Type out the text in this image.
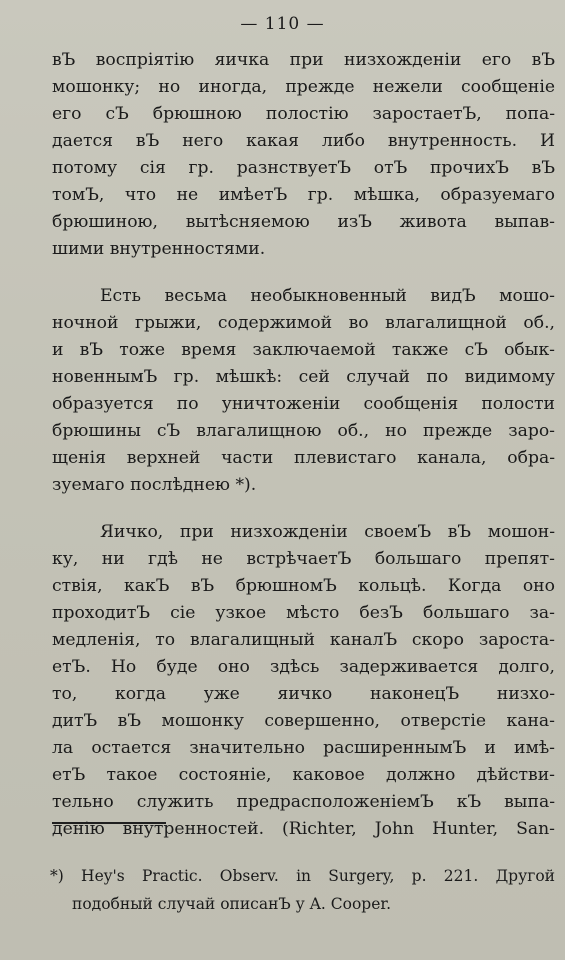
— 110 —
вЪ воспріятію яичка при низхожденіи его вЪ
мошонку; но иногда, прежде нежели сообщеніе
его сЪ брюшною полостію заростаетЪ, попа-
дается вЪ него какая либо внутренность. И
потому сія гр. разнствуетЪ отЪ прочихЪ вЪ
томЪ, что не имѣетЪ гр. мѣшка, образуемаго
брюшиною, вытѣсняемою изЪ живота выпав-
шими внутренностями.
Есть весьма необыкновенный видЪ мошо-
ночной грыжи, содержимой во влагалищной об.,
и вЪ тоже время заключаемой также сЪ обык-
новеннымЪ гр. мѣшкѣ: сей случай по видимому
образуется по уничтоженіи сообщенія полости
брюшины сЪ влагалищною об., но прежде заро-
щенія верхней части плевистаго канала, обра-
зуемаго послѣднею *).
Яичко, при низхожденіи своемЪ вЪ мошон-
ку, ни гдѣ не встрѣчаетЪ большаго препят-
ствія, какЪ вЪ брюшномЪ кольцѣ. Когда оно
проходитЪ сіе узкое мѣсто безЪ большаго за-
медленія, то влагалищный каналЪ скоро зароста-
етЪ. Но буде оно здѣсь задерживается долго,
то, когда уже яичко наконецЪ низхо-
дитЪ вЪ мошонку совершенно, отверстіе кана-
ла остается значительно расширеннымЪ и имѣ-
етЪ такое состояніе, каковое должно дѣйстви-
тельно служить предрасположеніемЪ кЪ выпа-
денію внутренностей. (Richter, John Hunter, San-
*) Hey's Practic. Observ. in Surgery, p. 221. Другой
подобный случай описанЪ у A. Cooper.
